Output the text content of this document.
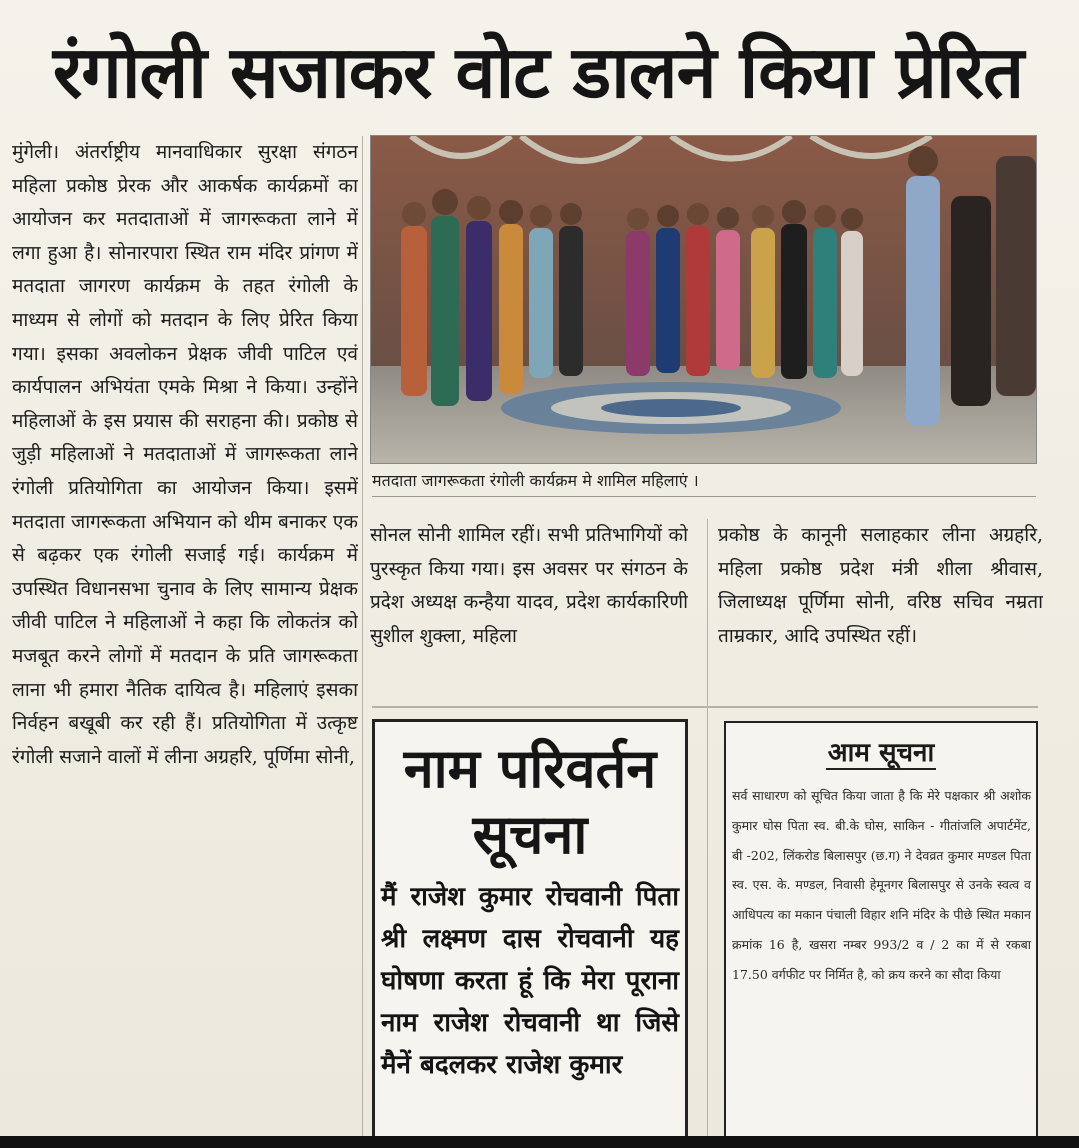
रंगोली सजाकर वोट डालने किया प्रेरित

मुंगेली। अंतर्राष्ट्रीय मानवाधिकार सुरक्षा संगठन महिला प्रकोष्ठ प्रेरक और आकर्षक कार्यक्रमों का आयोजन कर मतदाताओं में जागरूकता लाने में लगा हुआ है। सोनारपारा स्थित राम मंदिर प्रांगण में मतदाता जागरण कार्यक्रम के तहत रंगोली के माध्यम से लोगों को मतदान के लिए प्रेरित किया गया। इसका अवलोकन प्रेक्षक जीवी पाटिल एवं कार्यपालन अभियंता एमके मिश्रा ने किया। उन्होंने महिलाओं के इस प्रयास की सराहना की। प्रकोष्ठ से जुड़ी महिलाओं ने मतदाताओं में जागरूकता लाने रंगोली प्रतियोगिता का आयोजन किया। इसमें मतदाता जागरूकता अभियान को थीम बनाकर एक से बढ़कर एक रंगोली सजाई गई। कार्यक्रम में उपस्थित विधानसभा चुनाव के लिए सामान्य प्रेक्षक जीवी पाटिल ने महिलाओं ने कहा कि लोकतंत्र को मजबूत करने लोगों में मतदान के प्रति जागरूकता लाना भी हमारा नैतिक दायित्व है। महिलाएं इसका निर्वहन बखूबी कर रही हैं। प्रतियोगिता में उत्कृष्ट रंगोली सजाने वालों में लीना अग्रहरि, पूर्णिमा सोनी,

मतदाता जागरूकता रंगोली कार्यक्रम मे शामिल महिलाएं ।

सोनल सोनी शामिल रहीं। सभी प्रतिभागियों को पुरस्कृत किया गया। इस अवसर पर संगठन के प्रदेश अध्यक्ष कन्हैया यादव, प्रदेश कार्यकारिणी सुशील शुक्ला, महिला

प्रकोष्ठ के कानूनी सलाहकार लीना अग्रहरि, महिला प्रकोष्ठ प्रदेश मंत्री शीला श्रीवास, जिलाध्यक्ष पूर्णिमा सोनी, वरिष्ठ सचिव नम्रता ताम्रकार, आदि उपस्थित रहीं।

नाम परिवर्तन
सूचना
मैं राजेश कुमार रोचवानी पिता श्री लक्ष्मण दास रोचवानी यह घोषणा करता हूं कि मेरा पूराना नाम राजेश रोचवानी था जिसे मैनें बदलकर राजेश कुमार
आम सूचना
सर्व साधारण को सूचित किया जाता है कि मेरे पक्षकार श्री अशोक कुमार घोस पिता स्व. बी.के घोस, साकिन - गीतांजलि अपार्टमेंट, बी -202, लिंकरोड बिलासपुर (छ.ग) ने देवव्रत कुमार मण्डल पिता स्व. एस. के. मण्डल, निवासी हेमूनगर बिलासपुर से उनके स्वत्व व आधिपत्य का मकान पंचाली विहार शनि मंदिर के पीछे स्थित मकान क्रमांक 16 है, खसरा नम्बर 993/2 व / 2 का में से रकबा 17.50 वर्गफीट पर निर्मित है, को क्रय करने का सौदा किया
